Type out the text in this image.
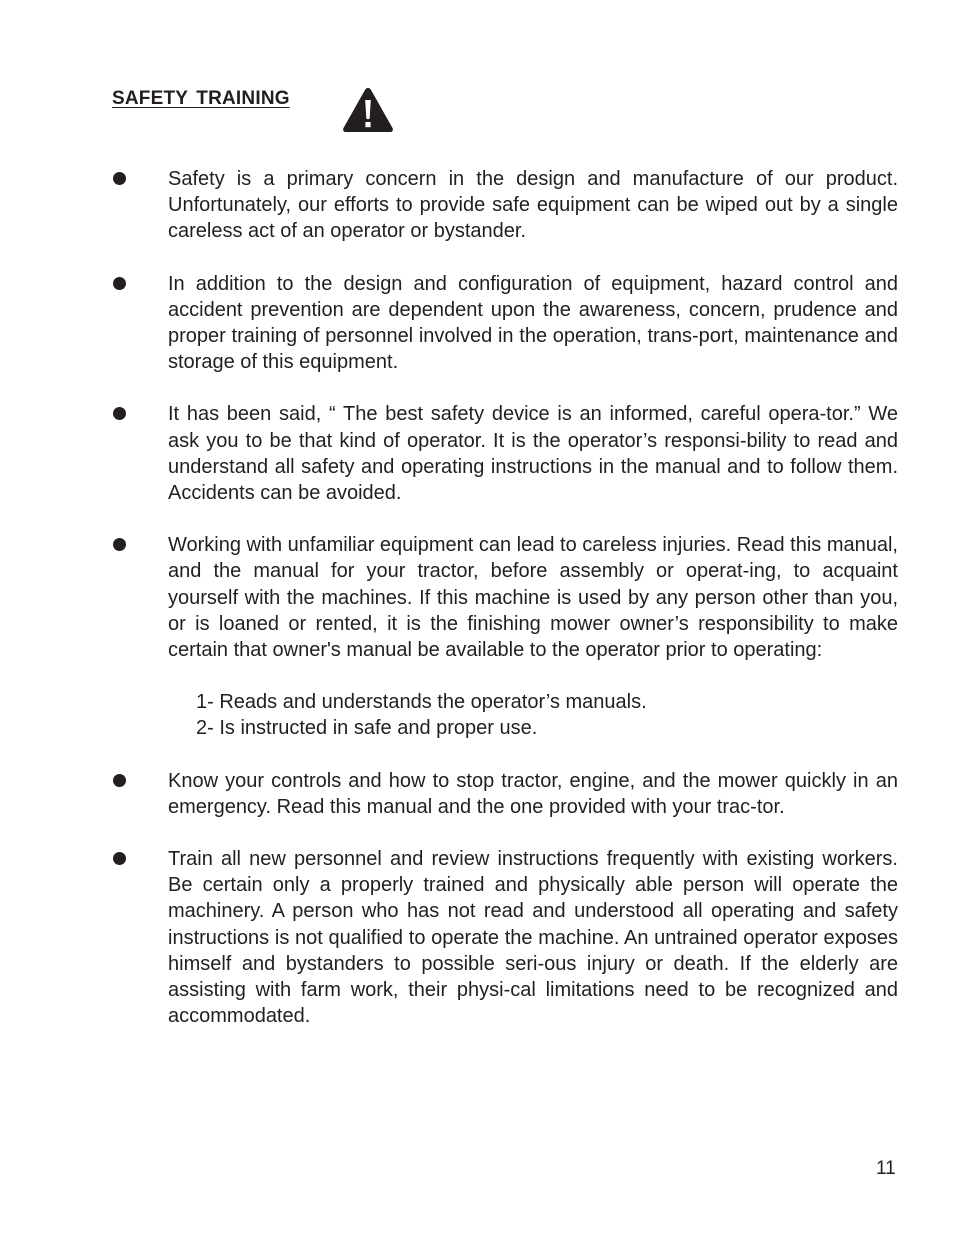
SAFETY TRAINING
Safety is a primary concern in the design and manufacture of our product. Unfortunately, our efforts to provide safe equipment can be wiped out by a single careless act of an operator or bystander.
In addition to the design and configuration of equipment, hazard control and accident prevention are dependent upon the awareness, concern, prudence and proper training of personnel involved in the operation, trans-port, maintenance and storage of this equipment.
It has been said, “ The best safety device is an informed, careful opera-tor.” We ask you to be that kind of operator. It is the operator’s responsi-bility to read and understand all safety and operating instructions in the manual and to follow them. Accidents can be avoided.
Working with unfamiliar equipment can lead to careless injuries. Read this manual, and the manual for your tractor, before assembly or operat-ing, to acquaint yourself with the machines. If this machine is used by any person other than you, or is loaned or rented, it is the finishing mower owner’s responsibility to make certain that owner's manual be available to the operator prior to operating:
1- Reads and understands the operator’s manuals.
2- Is instructed in safe and proper use.
Know your controls and how to stop tractor, engine, and the mower quickly in an emergency. Read this manual and the one provided with your trac-tor.
Train all new personnel and review instructions frequently with existing workers. Be certain only a properly trained and physically able person will operate the machinery. A person who has not read and understood all operating and safety instructions is not qualified to operate the machine. An untrained operator exposes himself and bystanders to possible seri-ous injury or death. If the elderly are assisting with farm work, their physi-cal limitations need to be recognized and accommodated.
11
